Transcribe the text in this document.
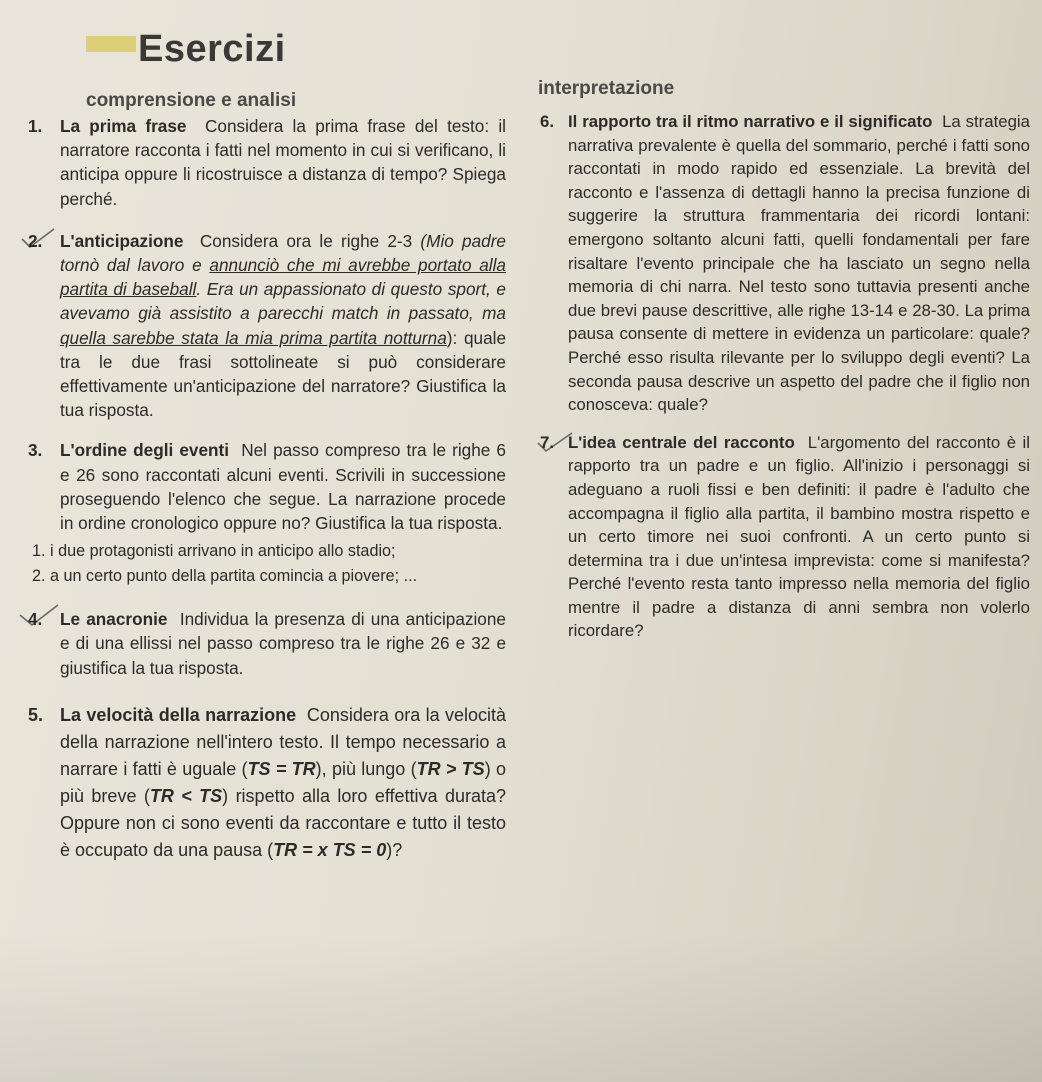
Esercizi
comprensione e analisi
interpretazione
1. La prima frase Considera la prima frase del testo: il narratore racconta i fatti nel momento in cui si verificano, li anticipa oppure li ricostruisce a distanza di tempo? Spiega perché.

2. L'anticipazione Considera ora le righe 2-3 (Mio padre tornò dal lavoro e annunciò che mi avrebbe portato alla partita di baseball. Era un appassionato di questo sport, e avevamo già assistito a parecchi match in passato, ma quella sarebbe stata la mia prima partita notturna): quale tra le due frasi sottolineate si può considerare effettivamente un'anticipazione del narratore? Giustifica la tua risposta.

3. L'ordine degli eventi Nel passo compreso tra le righe 6 e 26 sono raccontati alcuni eventi. Scrivili in successione proseguendo l'elenco che segue. La narrazione procede in ordine cronologico oppure no? Giustifica la tua risposta.

1. i due protagonisti arrivano in anticipo allo stadio;

2. a un certo punto della partita comincia a piovere; ...

4. Le anacronie Individua la presenza di una anticipazione e di una ellissi nel passo compreso tra le righe 26 e 32 e giustifica la tua risposta.

5. La velocità della narrazione Considera ora la velocità della narrazione nell'intero testo. Il tempo necessario a narrare i fatti è uguale (TS = TR), più lungo (TR > TS) o più breve (TR < TS) rispetto alla loro effettiva durata? Oppure non ci sono eventi da raccontare e tutto il testo è occupato da una pausa (TR = x TS = 0)?

6. Il rapporto tra il ritmo narrativo e il significato La strategia narrativa prevalente è quella del sommario, perché i fatti sono raccontati in modo rapido ed essenziale. La brevità del racconto e l'assenza di dettagli hanno la precisa funzione di suggerire la struttura frammentaria dei ricordi lontani: emergono soltanto alcuni fatti, quelli fondamentali per fare risaltare l'evento principale che ha lasciato un segno nella memoria di chi narra. Nel testo sono tuttavia presenti anche due brevi pause descrittive, alle righe 13-14 e 28-30. La prima pausa consente di mettere in evidenza un particolare: quale? Perché esso risulta rilevante per lo sviluppo degli eventi? La seconda pausa descrive un aspetto del padre che il figlio non conosceva: quale?

7. L'idea centrale del racconto L'argomento del racconto è il rapporto tra un padre e un figlio. All'inizio i personaggi si adeguano a ruoli fissi e ben definiti: il padre è l'adulto che accompagna il figlio alla partita, il bambino mostra rispetto e un certo timore nei suoi confronti. A un certo punto si determina tra i due un'intesa imprevista: come si manifesta? Perché l'evento resta tanto impresso nella memoria del figlio mentre il padre a distanza di anni sembra non volerlo ricordare?
